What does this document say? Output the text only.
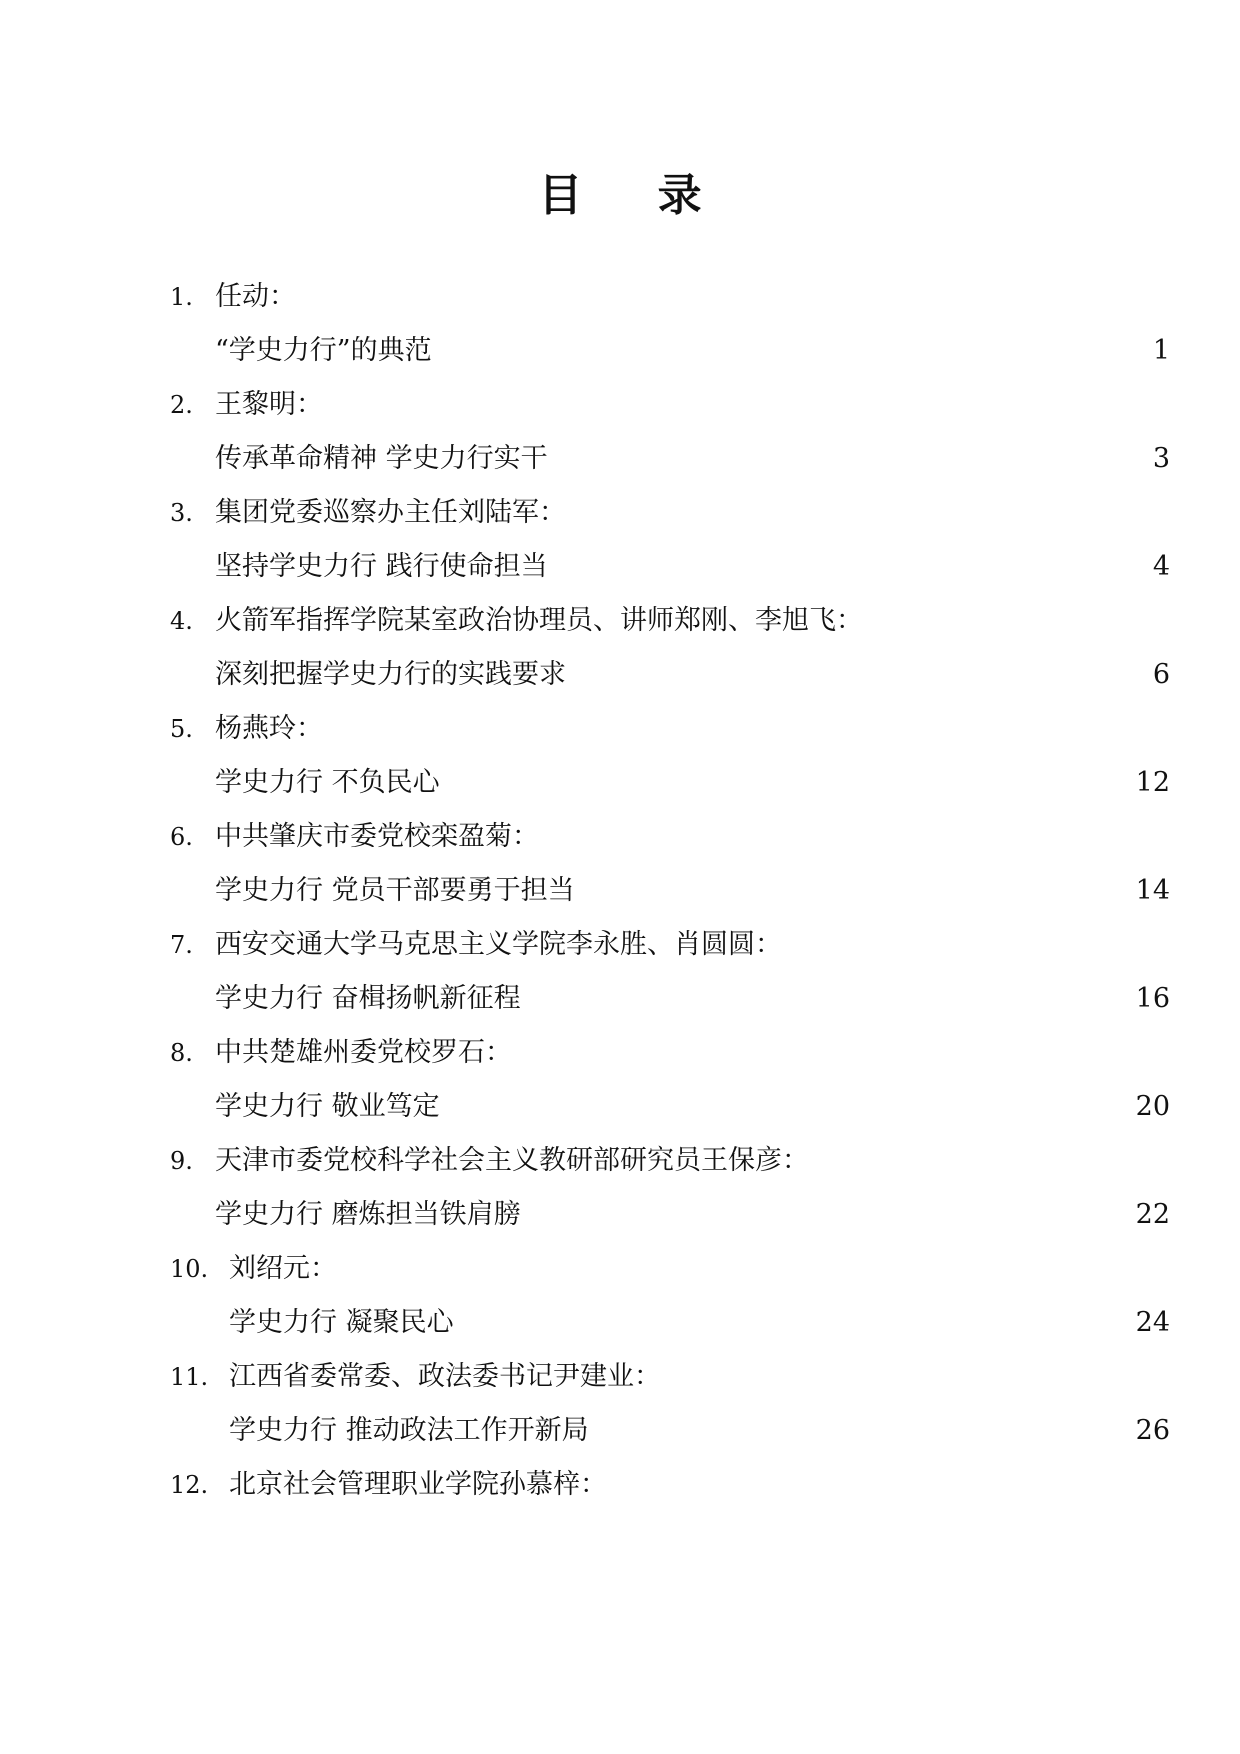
目 录
1. 任动：
“学史力行”的典范	1
2. 王黎明：
传承革命精神 学史力行实干	3
3. 集团党委巡察办主任刘陆军：
坚持学史力行 践行使命担当	4
4. 火箭军指挥学院某室政治协理员、讲师郑刚、李旭飞：
深刻把握学史力行的实践要求	6
5. 杨燕玲：
学史力行 不负民心	12
6. 中共肇庆市委党校栾盈菊：
学史力行 党员干部要勇于担当	14
7. 西安交通大学马克思主义学院李永胜、肖圆圆：
学史力行 奋楫扬帆新征程	16
8. 中共楚雄州委党校罗石：
学史力行 敬业笃定	20
9. 天津市委党校科学社会主义教研部研究员王保彦：
学史力行 磨炼担当铁肩膀	22
10. 刘绍元：
学史力行 凝聚民心	24
11. 江西省委常委、政法委书记尹建业：
学史力行 推动政法工作开新局	26
12. 北京社会管理职业学院孙慕梓：
